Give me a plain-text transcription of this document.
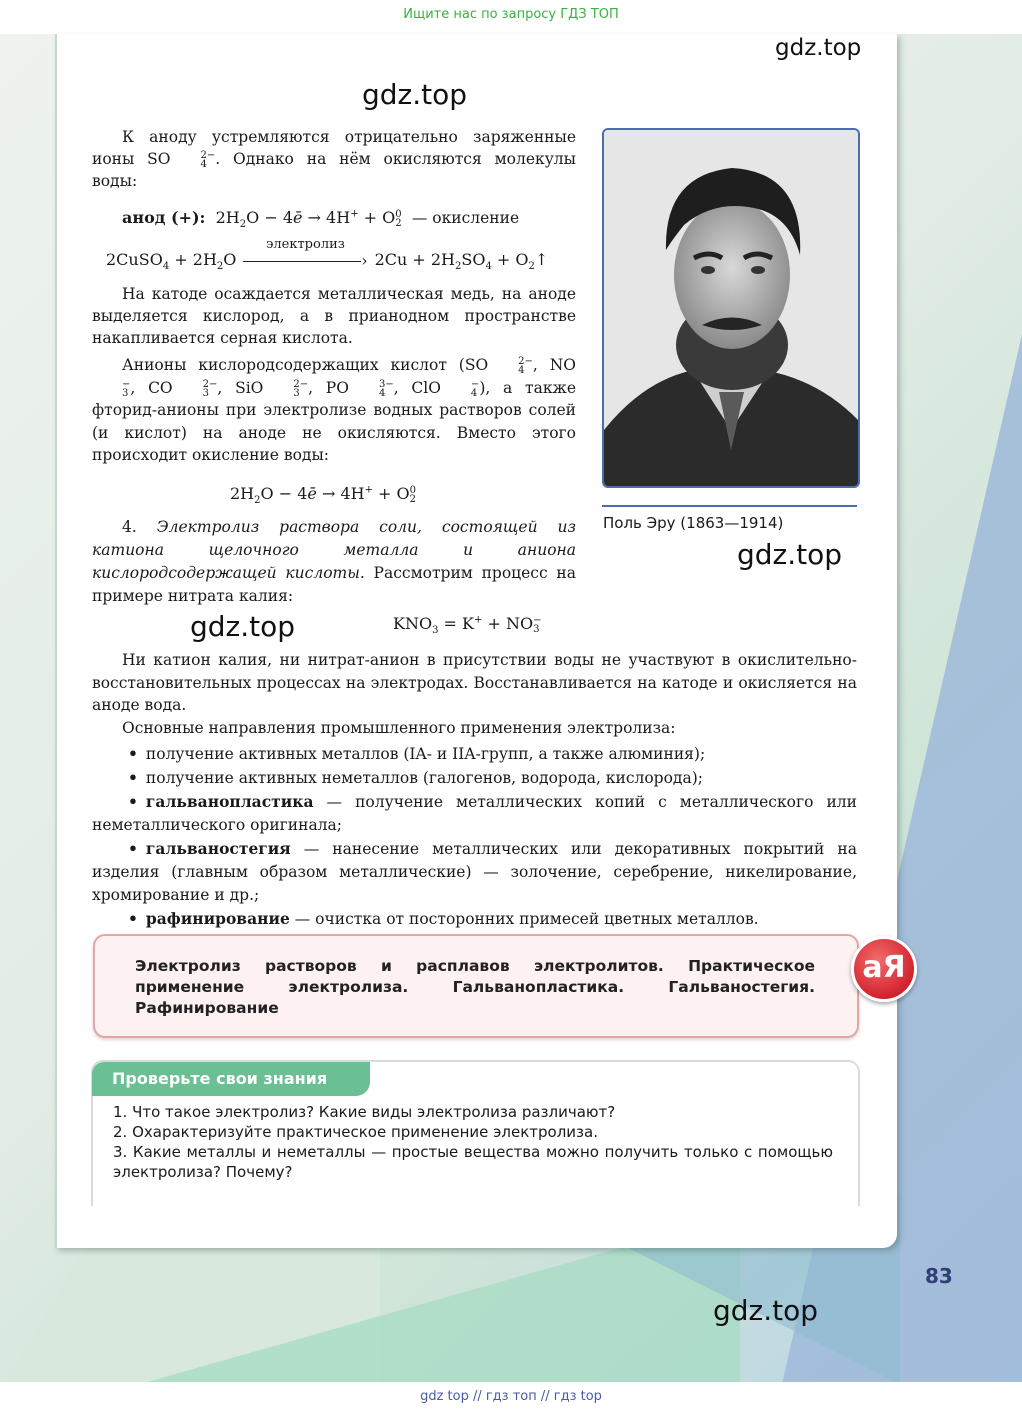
Ищите нас по запросу ГДЗ ТОП
gdz.top
gdz.top
gdz.top
gdz.top
gdz.top

К аноду устремляются отрицательно заряженные ионы SO	2−
4 . Однако на нём окисляются молекулы воды:

анод (+):  $2H_2O$ − 4ē → 4H+ + O 0
2 — окисление
2CuSO$_4$ + $2H_2O$
электролиз
› $2Cu + 2H_2SO_4$ + $O_2↑$

На катоде осаждается металлическая медь, на аноде выделяется кислород, а в прианодном пространстве накапливается серная кислота.

Анионы кислородсодержащих кислот (SO	2−
4 , NO
−
3 , CO	2−
3 , SiO	2−
3 , PO	3−
4 , ClO	−
4 ), а также фторид-анионы при электролизе водных растворов солей (и кислот) на аноде не окисляются. Вместо этого происходит окисление воды:

$2H_2O$ − 4ē → 4H+ + O 0
2

4. Электролиз раствора соли, состоящей из катиона щелочного металла и аниона кислородсодержащей кислоты. Рассмотрим процесс на примере нитрата калия:

$KNO_3 = K^+$ + NO −
3

Ни катион калия, ни нитрат-анион в присутствии воды не участвуют в окислительно-восстановительных процессах на электродах. Восстанавливается на катоде и окисляется на аноде вода.

Основные направления промышленного применения электролиза:

• получение активных металлов (IA- и IIA-групп, а также алюминия);
• получение активных неметаллов (галогенов, водорода, кислорода);
• гальванопластика — получение металлических копий с металлического или неметаллического оригинала;
• гальваностегия — нанесение металлических или декоративных покрытий на изделия (главным образом металлические) — золочение, серебрение, никелирование, хромирование и др.;
• рафинирование — очистка от посторонних примесей цветных металлов.
Поль Эру (1863—1914)
Электролиз растворов и расплавов электролитов. Практическое применение электролиза. Гальванопластика. Гальваностегия. Рафинирование
аЯ
Проверьте свои знания

1. Что такое электролиз? Какие виды электролиза различают?

2. Охарактеризуйте практическое применение электролиза.

3. Какие металлы и неметаллы — простые вещества можно получить только с помощью электролиза? Почему?

83
gdz top // гдз топ // гдз top
